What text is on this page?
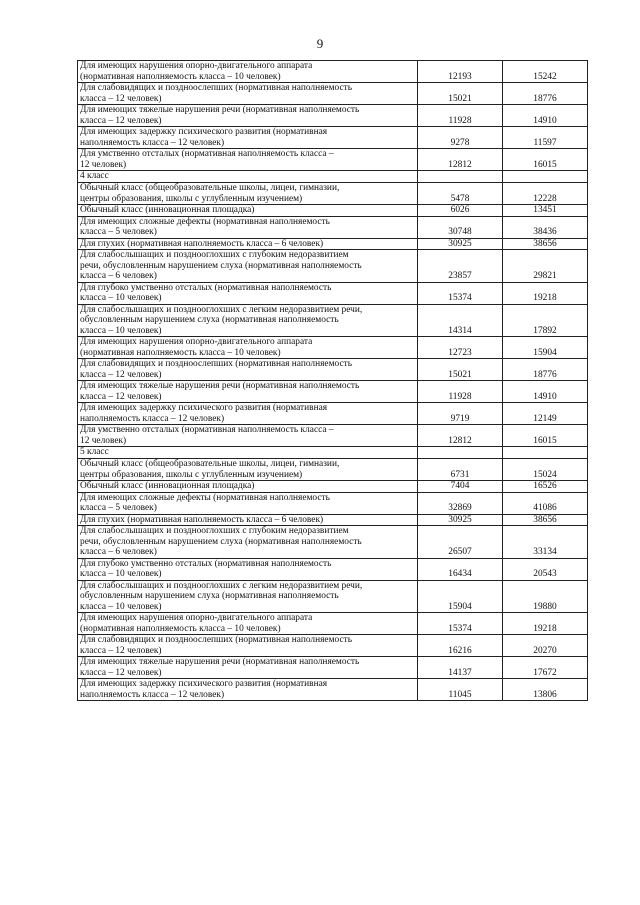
9
Для имеющих нарушения опорно-двигательного аппарата
(нормативная наполняемость класса – 10 человек)	12193	15242

Для слабовидящих и поздноослепших (нормативная наполняемость
класса – 12 человек)	15021	18776

Для имеющих тяжелые нарушения речи (нормативная наполняемость
класса – 12 человек)	11928	14910

Для имеющих задержку психического развития (нормативная
наполняемость класса – 12 человек)	9278	11597

Для умственно отсталых (нормативная наполняемость класса –
12 человек)	12812	16015
4 класс		

Обычный класс (общеобразовательные школы, лицеи, гимназии,
центры образования, школы с углубленным изучением)	5478	12228

Обычный класс (инновационная площадка)	6026	13451

Для имеющих сложные дефекты (нормативная наполняемость
класса – 5 человек)	30748	38436

Для глухих (нормативная наполняемость класса – 6 человек)	30925	38656

Для слабослышащих и позднооглохших с глубоким недоразвитием
речи, обусловленным нарушением слуха (нормативная наполняемость
класса – 6 человек)	23857	29821

Для глубоко умственно отсталых (нормативная наполняемость
класса – 10 человек)	15374	19218

Для слабослышащих и позднооглохших с легким недоразвитием речи,
обусловленным нарушением слуха (нормативная наполняемость
класса – 10 человек)	14314	17892

Для имеющих нарушения опорно-двигательного аппарата
(нормативная наполняемость класса – 10 человек)	12723	15904

Для слабовидящих и поздноослепших (нормативная наполняемость
класса – 12 человек)	15021	18776

Для имеющих тяжелые нарушения речи (нормативная наполняемость
класса – 12 человек)	11928	14910

Для имеющих задержку психического развития (нормативная
наполняемость класса – 12 человек)	9719	12149

Для умственно отсталых (нормативная наполняемость класса –
12 человек)	12812	16015
5 класс		

Обычный класс (общеобразовательные школы, лицеи, гимназии,
центры образования, школы с углубленным изучением)	6731	15024

Обычный класс (инновационная площадка)	7404	16526

Для имеющих сложные дефекты (нормативная наполняемость
класса – 5 человек)	32869	41086

Для глухих (нормативная наполняемость класса – 6 человек)	30925	38656

Для слабослышащих и позднооглохших с глубоким недоразвитием
речи, обусловленным нарушением слуха (нормативная наполняемость
класса – 6 человек)	26507	33134

Для глубоко умственно отсталых (нормативная наполняемость
класса – 10 человек)	16434	20543

Для слабослышащих и позднооглохших с легким недоразвитием речи,
обусловленным нарушением слуха (нормативная наполняемость
класса – 10 человек)	15904	19880

Для имеющих нарушения опорно-двигательного аппарата
(нормативная наполняемость класса – 10 человек)	15374	19218

Для слабовидящих и поздноослепших (нормативная наполняемость
класса – 12 человек)	16216	20270

Для имеющих тяжелые нарушения речи (нормативная наполняемость
класса – 12 человек)	14137	17672

Для имеющих задержку психического развития (нормативная
наполняемость класса – 12 человек)	11045	13806
